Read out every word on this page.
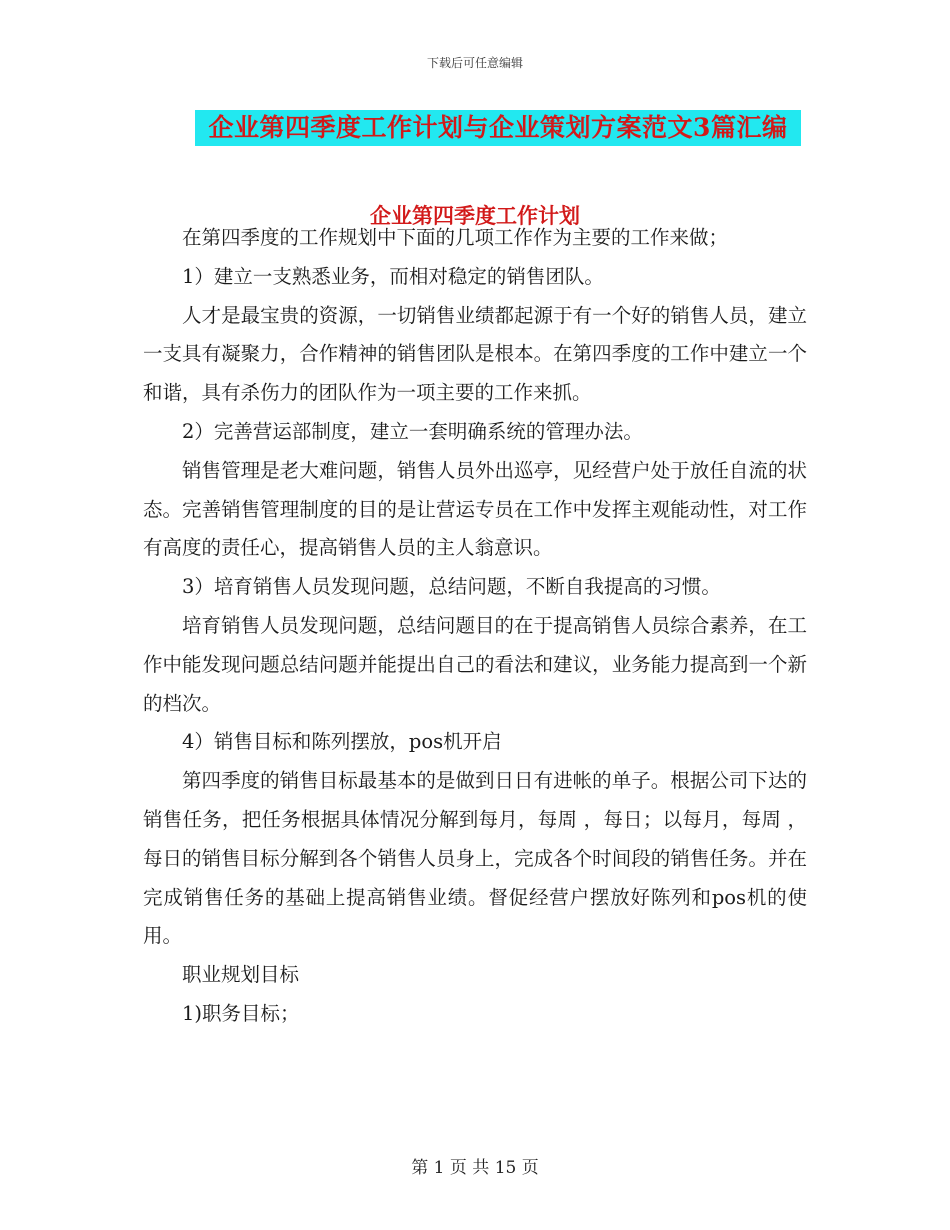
下载后可任意编辑
企业第四季度工作计划与企业策划方案范文3篇汇编
企业第四季度工作计划

在第四季度的工作规划中下面的几项工作作为主要的工作来做；

1）建立一支熟悉业务，而相对稳定的销售团队。

人才是最宝贵的资源，一切销售业绩都起源于有一个好的销售人员，建立一支具有凝聚力，合作精神的销售团队是根本。在第四季度的工作中建立一个和谐，具有杀伤力的团队作为一项主要的工作来抓。

2）完善营运部制度，建立一套明确系统的管理办法。

销售管理是老大难问题，销售人员外出巡亭，见经营户处于放任自流的状态。完善销售管理制度的目的是让营运专员在工作中发挥主观能动性，对工作有高度的责任心，提高销售人员的主人翁意识。

3）培育销售人员发现问题，总结问题，不断自我提高的习惯。

培育销售人员发现问题，总结问题目的在于提高销售人员综合素养，在工作中能发现问题总结问题并能提出自己的看法和建议，业务能力提高到一个新的档次。

4）销售目标和陈列摆放，pos机开启

第四季度的销售目标最基本的是做到日日有进帐的单子。根据公司下达的销售任务，把任务根据具体情况分解到每月，每周 ，每日；以每月，每周 ，每日的销售目标分解到各个销售人员身上，完成各个时间段的销售任务。并在完成销售任务的基础上提高销售业绩。督促经营户摆放好陈列和pos机的使用。

职业规划目标

1)职务目标；

第 1 页 共 15 页
